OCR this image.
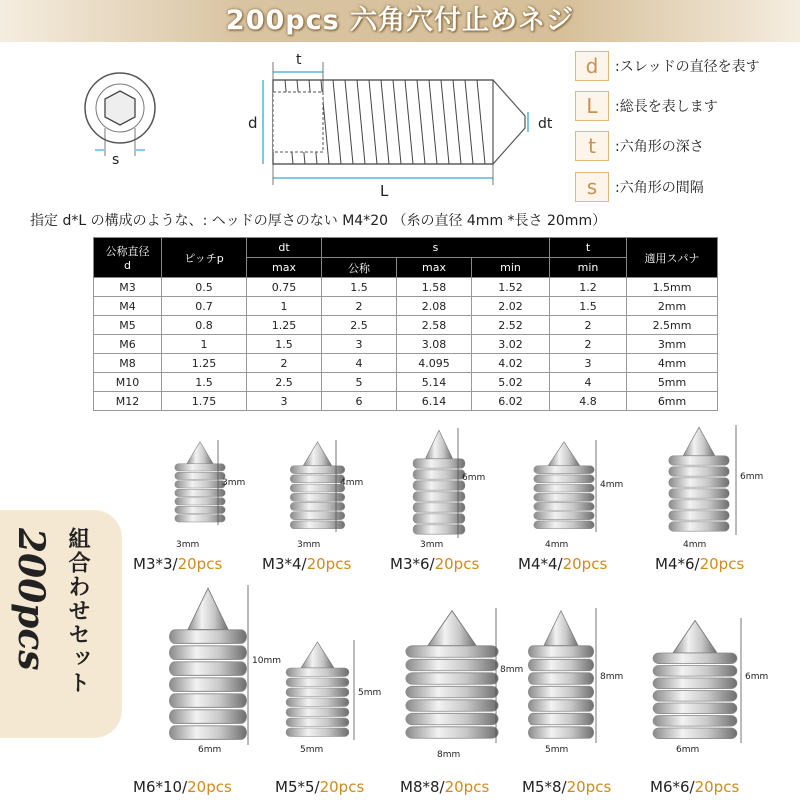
200pcs 六角穴付止めネジ
s
t
d	dt
L
d	:スレッドの直径を表す
L	:総長を表します
t	:六角形の深さ
s	:六角形の間隔
指定 d*L の構成のような、: ヘッドの厚さのない M4*20 （糸の直径 4mm *長さ 20mm）
公称直径
d	ピッチp	dt	s			t	適用スパナ
		max	公称	max	min	min	
M3	0.5	0.75	1.5	1.58	1.52	1.2	1.5mm
M4	0.7	1	2	2.08	2.02	1.5	2mm
M5	0.8	1.25	2.5	2.58	2.52	2	2.5mm
M6	1	1.5	3	3.08	3.02	2	3mm
M8	1.25	2	4	4.095	4.02	3	4mm
M10	1.5	2.5	5	5.14	5.02	4	5mm
M12	1.75	3	6	6.14	6.02	4.8	6mm
組合わせセット
200pcs
3mm
3mm
M3*3/20pcs
4mm
3mm
M3*4/20pcs
6mm
3mm
M3*6/20pcs
4mm
4mm
M4*4/20pcs
6mm
4mm
M4*6/20pcs
10mm
6mm
M6*10/20pcs
5mm
5mm
M5*5/20pcs
8mm
8mm
M8*8/20pcs
8mm
5mm
M5*8/20pcs
6mm
6mm
M6*6/20pcs
